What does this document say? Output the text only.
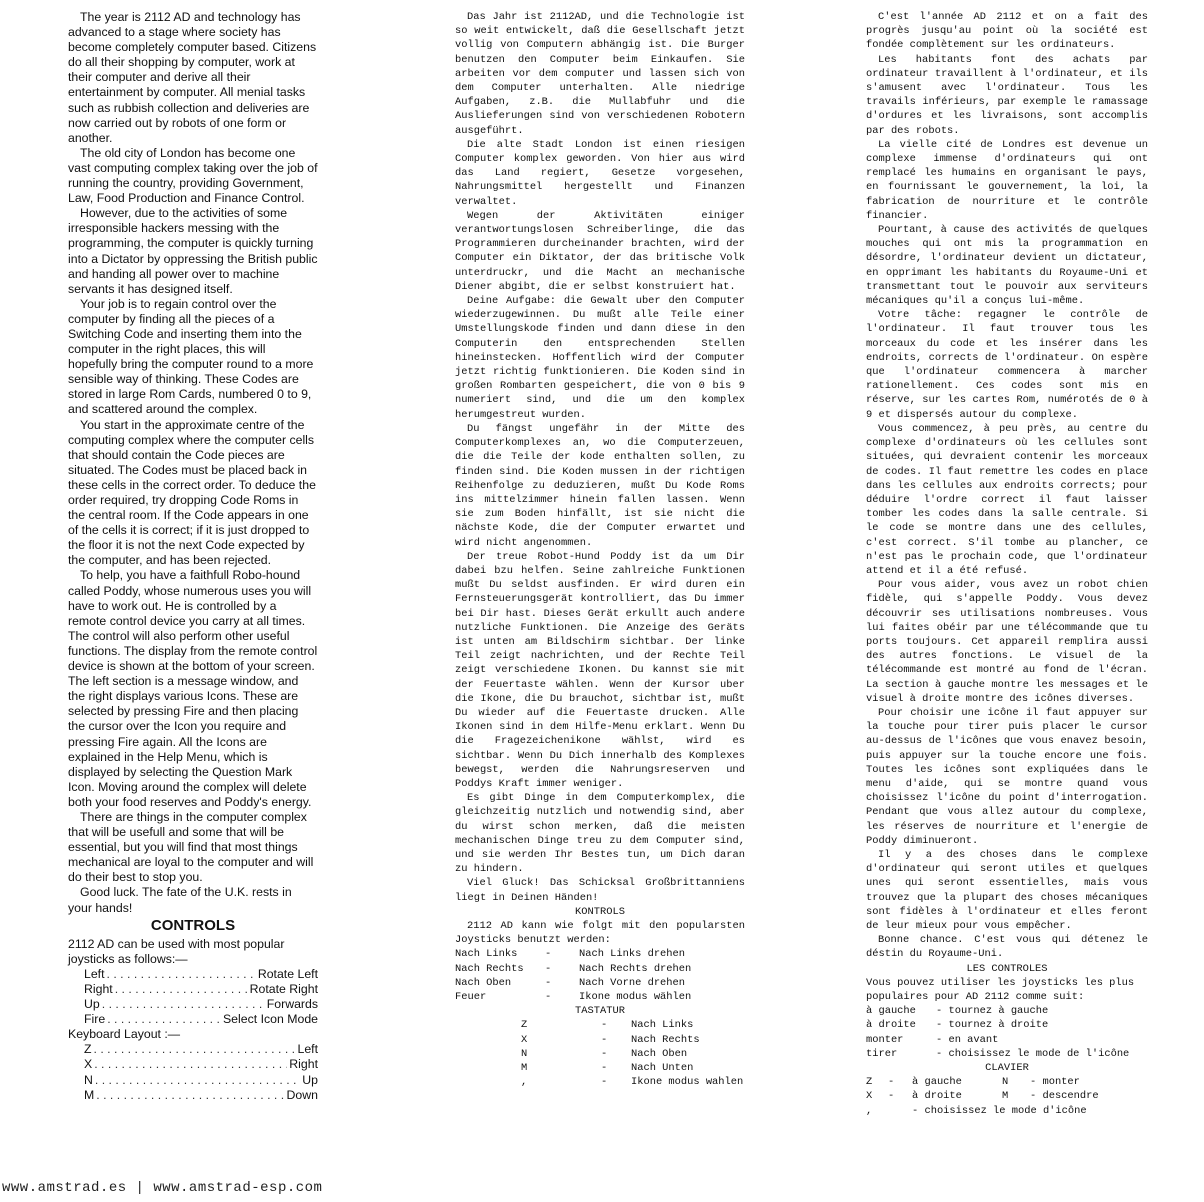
The year is 2112 AD and technology has advanced to a stage where society has become completely computer based. Citizens do all their shopping by computer, work at their computer and derive all their entertainment by computer. All menial tasks such as rubbish collection and deliveries are now carried out by robots of one form or another.

The old city of London has become one vast computing complex taking over the job of running the country, providing Government, Law, Food Production and Finance Control.

However, due to the activities of some irresponsible hackers messing with the programming, the computer is quickly turning into a Dictator by oppressing the British public and handing all power over to machine servants it has designed itself.

Your job is to regain control over the computer by finding all the pieces of a Switching Code and inserting them into the computer in the right places, this will hopefully bring the computer round to a more sensible way of thinking. These Codes are stored in large Rom Cards, numbered 0 to 9, and scattered around the complex.

You start in the approximate centre of the computing complex where the computer cells that should contain the Code pieces are situated. The Codes must be placed back in these cells in the correct order. To deduce the order required, try dropping Code Roms in the central room. If the Code appears in one of the cells it is correct; if it is just dropped to the floor it is not the next Code expected by the computer, and has been rejected.

To help, you have a faithfull Robo-hound called Poddy, whose numerous uses you will have to work out. He is controlled by a remote control device you carry at all times. The control will also perform other useful functions. The display from the remote control device is shown at the bottom of your screen. The left section is a message window, and the right displays various Icons. These are selected by pressing Fire and then placing the cursor over the Icon you require and pressing Fire again. All the Icons are explained in the Help Menu, which is displayed by selecting the Question Mark Icon. Moving around the complex will delete both your food reserves and Poddy's energy.

There are things in the computer complex that will be usefull and some that will be essential, but you will find that most things mechanical are loyal to the computer and will do their best to stop you.

Good luck. The fate of the U.K. rests in your hands!

CONTROLS
2112 AD can be used with most popular joysticks as follows:—
Left . . .	Rotate Left
Right . . .	Rotate Right
Up . . .	Forwards
Fire . . .	Select Icon Mode
Keyboard Layout :—
Z . . .	Left
X . . .	Right
N . . .	Up
M . . .	Down

Das Jahr ist 2112AD, und die Technologie ist so weit entwickelt, daß die Gesellschaft jetzt vollig von Computern abhängig ist. Die Burger benutzen den Computer beim Einkaufen. Sie arbeiten vor dem computer und lassen sich von dem Computer unterhalten. Alle niedrige Aufgaben, z.B. die Mullabfuhr und die Auslieferungen sind von verschiedenen Robotern ausgeführt.

Die alte Stadt London ist einen riesigen Computer komplex geworden. Von hier aus wird das Land regiert, Gesetze vorgesehen, Nahrungsmittel hergestellt und Finanzen verwaltet.

Wegen der Aktivitäten einiger verantwortungslosen Schreiberlinge, die das Programmieren durcheinander brachten, wird der Computer ein Diktator, der das britische Volk unterdruckr, und die Macht an mechanische Diener abgibt, die er selbst konstruiert hat.

Deine Aufgabe: die Gewalt uber den Computer wiederzugewinnen. Du mußt alle Teile einer Umstellungskode finden und dann diese in den Computerin den entsprechenden Stellen hineinstecken. Hoffentlich wird der Computer jetzt richtig funktionieren. Die Koden sind in großen Rombarten gespeichert, die von 0 bis 9 numeriert sind, und die um den komplex herumgestreut wurden.

Du fängst ungefähr in der Mitte des Computerkomplexes an, wo die Computerzeuen, die die Teile der kode enthalten sollen, zu finden sind. Die Koden mussen in der richtigen Reihenfolge zu deduzieren, mußt Du Kode Roms ins mittelzimmer hinein fallen lassen. Wenn sie zum Boden hinfällt, ist sie nicht die nächste Kode, die der Computer erwartet und wird nicht angenommen.

Der treue Robot-Hund Poddy ist da um Dir dabei bzu helfen. Seine zahlreiche Funktionen mußt Du seldst ausfinden. Er wird duren ein Fernsteuerungsgerät kontrolliert, das Du immer bei Dir hast. Dieses Gerät erkullt auch andere nutzliche Funktionen. Die Anzeige des Geräts ist unten am Bildschirm sichtbar. Der linke Teil zeigt nachrichten, und der Rechte Teil zeigt verschiedene Ikonen. Du kannst sie mit der Feuertaste wählen. Wenn der Kursor uber die Ikone, die Du brauchot, sichtbar ist, mußt Du wieder auf die Feuertaste drucken. Alle Ikonen sind in dem Hilfe-Menu erklart. Wenn Du die Fragezeichenikone wählst, wird es sichtbar. Wenn Du Dich innerhalb des Komplexes bewegst, werden die Nahrungsreserven und Poddys Kraft immer weniger.

Es gibt Dinge in dem Computerkomplex, die gleichzeitig nutzlich und notwendig sind, aber du wirst schon merken, daß die meisten mechanischen Dinge treu zu dem Computer sind, und sie werden Ihr Bestes tun, um Dich daran zu hindern.

Viel Gluck! Das Schicksal Großbrittanniens liegt in Deinen Händen!

KONTROLS

2112 AD kann wie folgt mit den popularsten Joysticks benutzt werden:

Nach Links	-	Nach Links drehen
Nach Rechts	-	Nach Rechts drehen
Nach Oben	-	Nach Vorne drehen
Feuer	-	Ikone modus wählen
TASTATUR
Z	-	Nach Links
X	-	Nach Rechts
N	-	Nach Oben
M	-	Nach Unten
,	-	Ikone modus wahlen

C'est l'année AD 2112 et on a fait des progrès jusqu'au point où la société est fondée complètement sur les ordinateurs.

Les habitants font des achats par ordinateur travaillent à l'ordinateur, et ils s'amusent avec l'ordinateur. Tous les travails inférieurs, par exemple le ramassage d'ordures et les livraisons, sont accomplis par des robots.

La vielle cité de Londres est devenue un complexe immense d'ordinateurs qui ont remplacé les humains en organisant le pays, en fournissant le gouvernement, la loi, la fabrication de nourriture et le contrôle financier.

Pourtant, à cause des activités de quelques mouches qui ont mis la programmation en désordre, l'ordinateur devient un dictateur, en opprimant les habitants du Royaume-Uni et transmettant tout le pouvoir aux serviteurs mécaniques qu'il a conçus lui-même.

Votre tâche: regagner le contrôle de l'ordinateur. Il faut trouver tous les morceaux du code et les insérer dans les endroits, corrects de l'ordinateur. On espère que l'ordinateur commencera à marcher rationellement. Ces codes sont mis en réserve, sur les cartes Rom, numérotés de 0 à 9 et dispersés autour du complexe.

Vous commencez, à peu près, au centre du complexe d'ordinateurs où les cellules sont situées, qui devraient contenir les morceaux de codes. Il faut remettre les codes en place dans les cellules aux endroits corrects; pour déduire l'ordre correct il faut laisser tomber les codes dans la salle centrale. Si le code se montre dans une des cellules, c'est correct. S'il tombe au plancher, ce n'est pas le prochain code, que l'ordinateur attend et il a été refusé.

Pour vous aider, vous avez un robot chien fidèle, qui s'appelle Poddy. Vous devez découvrir ses utilisations nombreuses. Vous lui faites obéir par une télécommande que tu ports toujours. Cet appareil remplira aussi des autres fonctions. Le visuel de la télécommande est montré au fond de l'écran. La section à gauche montre les messages et le visuel à droite montre des icônes diverses.

Pour choisir une icône il faut appuyer sur la touche pour tirer puis placer le cursor au-dessus de l'icônes que vous enavez besoin, puis appuyer sur la touche encore une fois. Toutes les icônes sont expliquées dans le menu d'aide, qui se montre quand vous choisissez l'icône du point d'interrogation. Pendant que vous allez autour du complexe, les réserves de nourriture et l'energie de Poddy diminueront.

Il y a des choses dans le complexe d'ordinateur qui seront utiles et quelques unes qui seront essentielles, mais vous trouvez que la plupart des choses mécaniques sont fidèles à l'ordinateur et elles feront de leur mieux pour vous empêcher.

Bonne chance. C'est vous qui détenez le déstin du Royaume-Uni.

LES CONTROLES
Vous pouvez utiliser les joysticks les plus populaires pour AD 2112 comme suit:
à gauche	- tournez à gauche
à droite	- tournez à droite
monter	- en avant
tirer	- choisissez le mode de l'icône
CLAVIER
Z	-	à gauche	N	- monter
X	-	à droite	M	- descendre
,	- choisissez le mode d'icône
www.amstrad.es | www.amstrad-esp.com
